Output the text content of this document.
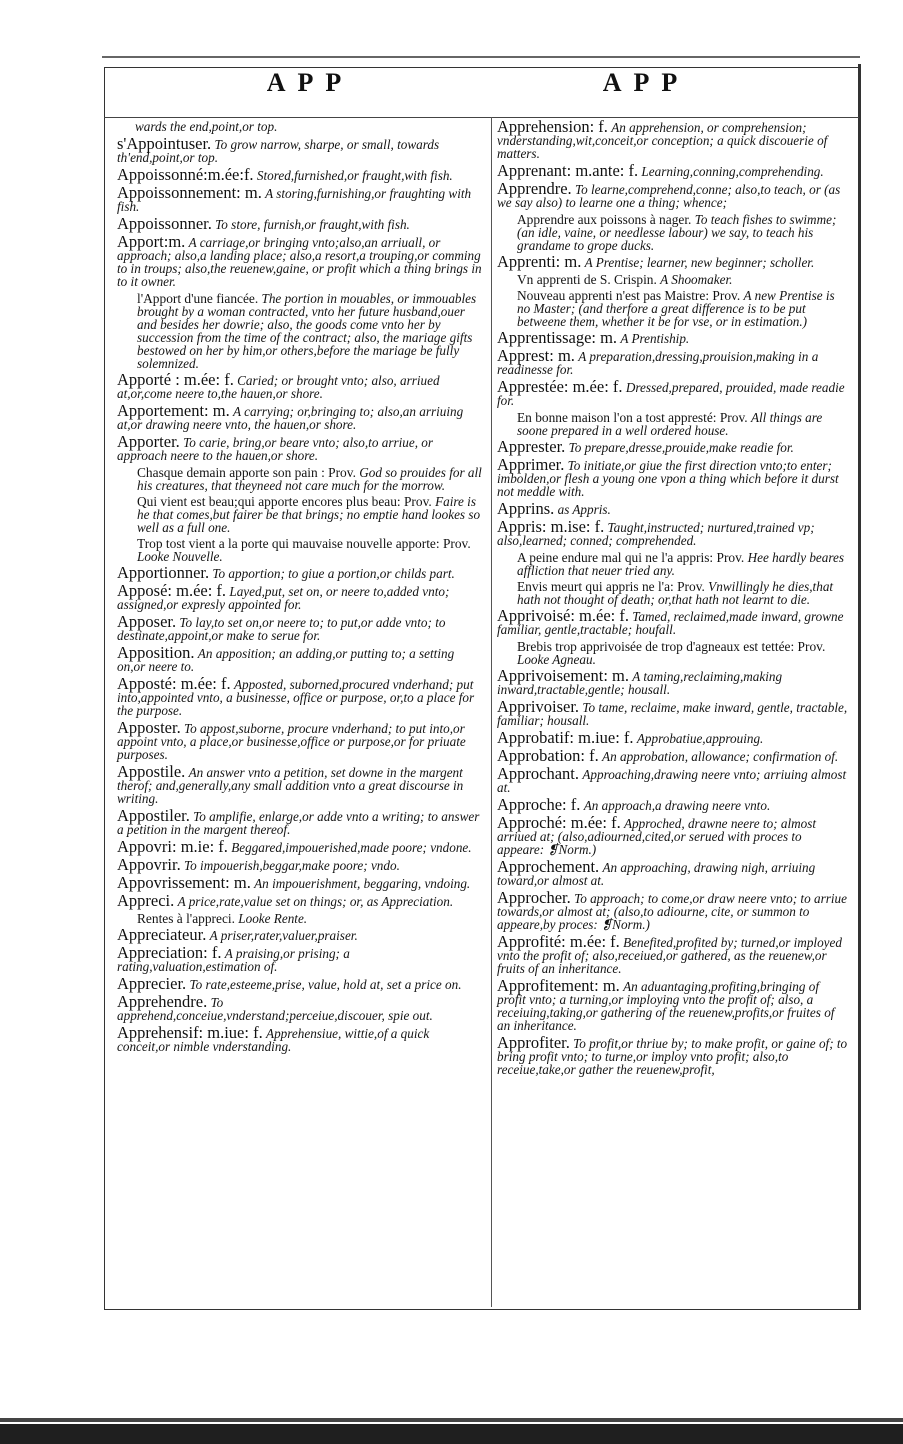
APP	APP

wards the end,point,or top.

s'Appointuser. To grow narrow, sharpe, or small, towards th'end,point,or top.

Appoissonné:m.ée:f. Stored,furnished,or fraught,with fish.

Appoissonnement: m. A storing,furnishing,or fraughting with fish.

Appoissonner. To store, furnish,or fraught,with fish.

Apport:m. A carriage,or bringing vnto;also,an arriuall, or approach; also,a landing place; also,a resort,a trouping,or comming to in troups; also,the reuenew,gaine, or profit which a thing brings in to it owner.

l'Apport d'une fiancée. The portion in mouables, or immouables brought by a woman contracted, vnto her future husband,ouer and besides her dowrie; also, the goods come vnto her by succession from the time of the contract; also, the mariage gifts bestowed on her by him,or others,before the mariage be fully solemnized.

Apporté : m.ée: f. Caried; or brought vnto; also, arriued at,or,come neere to,the hauen,or shore.

Apportement: m. A carrying; or,bringing to; also,an arriuing at,or drawing neere vnto, the hauen,or shore.

Apporter. To carie, bring,or beare vnto; also,to arriue, or approach neere to the hauen,or shore.

Chasque demain apporte son pain : Prov. God so prouides for all his creatures, that theyneed not care much for the morrow.

Qui vient est beau;qui apporte encores plus beau: Prov. Faire is he that comes,but fairer be that brings; no emptie hand lookes so well as a full one.

Trop tost vient a la porte qui mauvaise nouvelle apporte: Prov. Looke Nouvelle.

Apportionner. To apportion; to giue a portion,or childs part.

Apposé: m.ée: f. Layed,put, set on, or neere to,added vnto; assigned,or expresly appointed for.

Apposer. To lay,to set on,or neere to; to put,or adde vnto; to destinate,appoint,or make to serue for.

Apposition. An apposition; an adding,or putting to; a setting on,or neere to.

Apposté: m.ée: f. Apposted, suborned,procured vnderhand; put into,appointed vnto, a businesse, office or purpose, or,to a place for the purpose.

Apposter. To appost,suborne, procure vnderhand; to put into,or appoint vnto, a place,or businesse,office or purpose,or for priuate purposes.

Appostile. An answer vnto a petition, set downe in the margent therof; and,generally,any small addition vnto a great discourse in writing.

Appostiler. To amplifie, enlarge,or adde vnto a writing; to answer a petition in the margent thereof.

Appovri: m.ie: f. Beggared,impouerished,made poore; vndone.

Appovrir. To impouerish,beggar,make poore; vndo.

Appovrissement: m. An impouerishment, beggaring, vndoing.

Appreci. A price,rate,value set on things; or, as Appreciation.

Rentes à l'appreci. Looke Rente.

Appreciateur. A priser,rater,valuer,praiser.

Appreciation: f. A praising,or prising; a rating,valuation,estimation of.

Apprecier. To rate,esteeme,prise, value, hold at, set a price on.

Apprehendre. To apprehend,conceiue,vnderstand;perceiue,discouer, spie out.

Apprehensif: m.iue: f. Apprehensiue, wittie,of a quick conceit,or nimble vnderstanding.

Apprehension: f. An apprehension, or comprehension; vnderstanding,wit,conceit,or conception; a quick discouerie of matters.

Apprenant: m.ante: f. Learning,conning,comprehending.

Apprendre. To learne,comprehend,conne; also,to teach, or (as we say also) to learne one a thing; whence;

Apprendre aux poissons à nager. To teach fishes to swimme; (an idle, vaine, or needlesse labour) we say, to teach his grandame to grope ducks.

Apprenti: m. A Prentise; learner, new beginner; scholler.

Vn apprenti de S. Crispin. A Shoomaker.

Nouveau apprenti n'est pas Maistre: Prov. A new Prentise is no Master; (and therfore a great difference is to be put betweene them, whether it be for vse, or in estimation.)

Apprentissage: m. A Prentiship.

Apprest: m. A preparation,dressing,prouision,making in a readinesse for.

Apprestée: m.ée: f. Dressed,prepared, prouided, made readie for.

En bonne maison l'on a tost appresté: Prov. All things are soone prepared in a well ordered house.

Apprester. To prepare,dresse,prouide,make readie for.

Apprimer. To initiate,or giue the first direction vnto;to enter; imbolden,or flesh a young one vpon a thing which before it durst not meddle with.

Apprins. as Appris.

Appris: m.ise: f. Taught,instructed; nurtured,trained vp; also,learned; conned; comprehended.

A peine endure mal qui ne l'a appris: Prov. Hee hardly beares affliction that neuer tried any.

Envis meurt qui appris ne l'a: Prov. Vnwillingly he dies,that hath not thought of death; or,that hath not learnt to die.

Apprivoisé: m.ée: f. Tamed, reclaimed,made inward, growne familiar, gentle,tractable; houfall.

Brebis trop apprivoisée de trop d'agneaux est tettée: Prov. Looke Agneau.

Apprivoisement: m. A taming,reclaiming,making inward,tractable,gentle; housall.

Apprivoiser. To tame, reclaime, make inward, gentle, tractable, familiar; housall.

Approbatif: m.iue: f. Approbatiue,approuing.

Approbation: f. An approbation, allowance; confirmation of.

Approchant. Approaching,drawing neere vnto; arriuing almost at.

Approche: f. An approach,a drawing neere vnto.

Approché: m.ée: f. Approched, drawne neere to; almost arriued at; (also,adiourned,cited,or serued with proces to appeare: ❡Norm.)

Approchement. An approaching, drawing nigh, arriuing toward,or almost at.

Approcher. To approach; to come,or draw neere vnto; to arriue towards,or almost at; (also,to adiourne, cite, or summon to appeare,by proces: ❡Norm.)

Approfité: m.ée: f. Benefited,profited by; turned,or imployed vnto the profit of; also,receiued,or gathered, as the reuenew,or fruits of an inheritance.

Approfitement: m. An aduantaging,profiting,bringing of profit vnto; a turning,or imploying vnto the profit of; also, a receiuing,taking,or gathering of the reuenew,profits,or fruites of an inheritance.

Approfiter. To profit,or thriue by; to make profit, or gaine of; to bring profit vnto; to turne,or imploy vnto profit; also,to receiue,take,or gather the reuenew,profit,
